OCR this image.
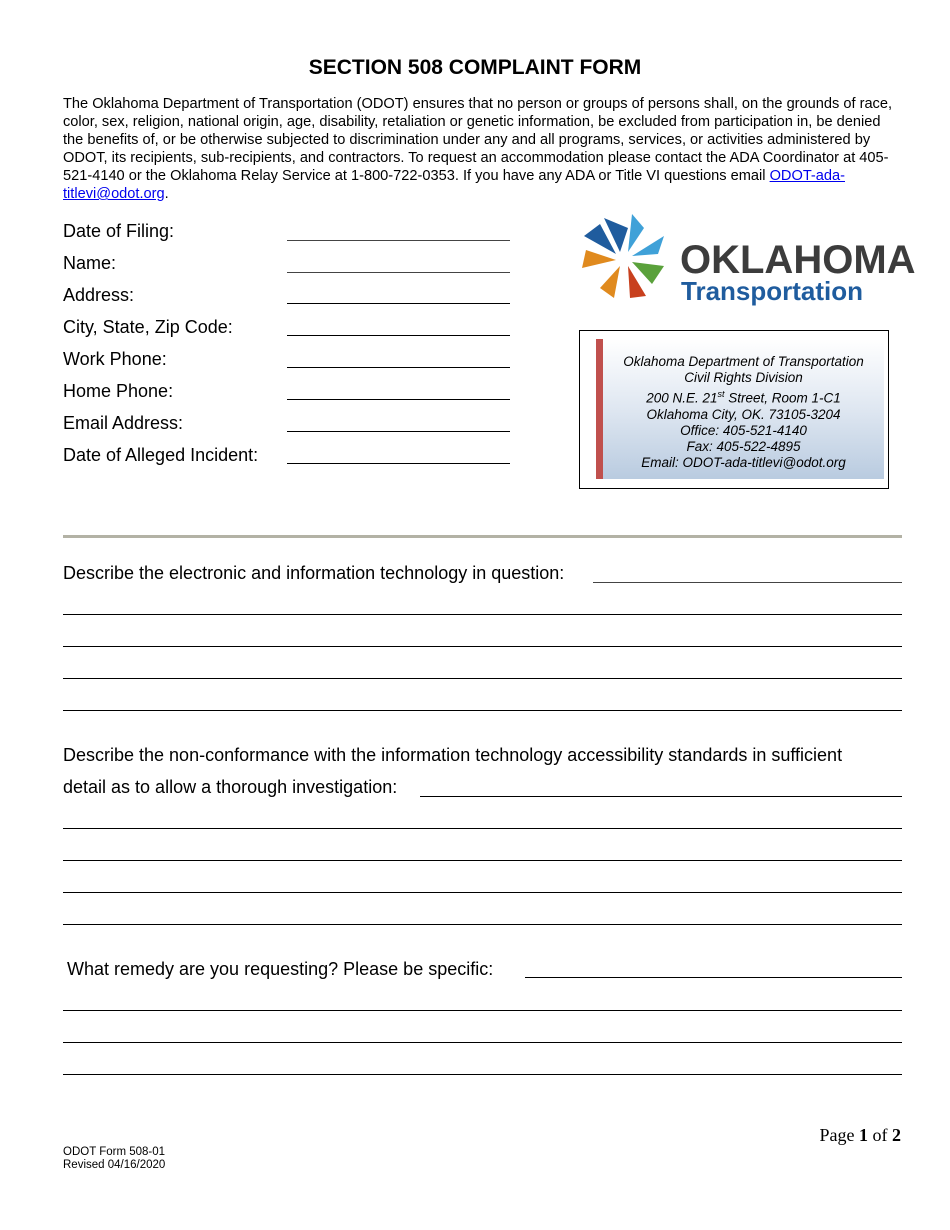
SECTION 508 COMPLAINT FORM
The Oklahoma Department of Transportation (ODOT) ensures that no person or groups of persons shall, on the grounds of race, color, sex, religion, national origin, age, disability, retaliation or genetic information, be excluded from participation in, be denied the benefits of, or be otherwise subjected to discrimination under any and all programs, services, or activities administered by ODOT, its recipients, sub-recipients, and contractors. To request an accommodation please contact the ADA Coordinator at 405-521-4140 or the Oklahoma Relay Service at 1-800-722-0353. If you have any ADA or Title VI questions email ODOT-ada-titlevi@odot.org.
Date of Filing:
Name:
Address:
City, State, Zip Code:
Work Phone:
Home Phone:
Email Address:
Date of Alleged Incident:
OKLAHOMA
Transportation
Oklahoma Department of Transportation
Civil Rights Division
200 N.E. 21st Street, Room 1-C1
Oklahoma City, OK. 73105-3204
Office: 405-521-4140
Fax: 405-522-4895
Email: ODOT-ada-titlevi@odot.org
Describe the electronic and information technology in question:
Describe the non-conformance with the information technology accessibility standards in sufficient
detail as to allow a thorough investigation:
What remedy are you requesting? Please be specific:
ODOT Form 508-01
Revised 04/16/2020
Page 1 of 2
